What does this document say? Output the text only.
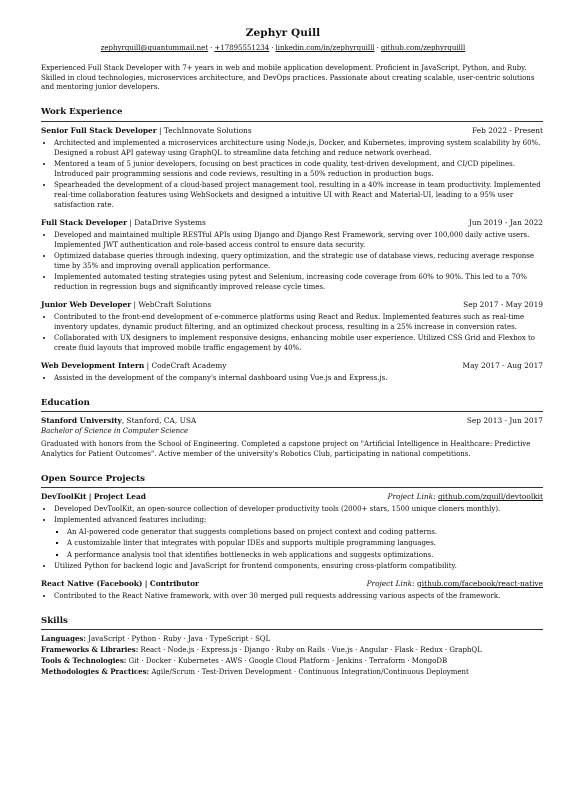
Zephyr Quill
zephyrquill@quantummail.net · +17895551234 · linkedin.com/in/zephyrquilll · github.com/zephyrquilll
Experienced Full Stack Developer with 7+ years in web and mobile application development. Proficient in JavaScript, Python, and Ruby. Skilled in cloud technologies, microservices architecture, and DevOps practices. Passionate about creating scalable, user-centric solutions and mentoring junior developers.
Work Experience
Senior Full Stack Developer | TechInnovate Solutions	Feb 2022 - Present
• Architected and implemented a microservices architecture using Node.js, Docker, and Kubernetes, improving system scalability by 60%. Designed a robust API gateway using GraphQL to streamline data fetching and reduce network overhead.
• Mentored a team of 5 junior developers, focusing on best practices in code quality, test-driven development, and CI/CD pipelines. Introduced pair programming sessions and code reviews, resulting in a 50% reduction in production bugs.
• Spearheaded the development of a cloud-based project management tool, resulting in a 40% increase in team productivity. Implemented real-time collaboration features using WebSockets and designed a intuitive UI with React and Material-UI, leading to a 95% user satisfaction rate.
Full Stack Developer | DataDrive Systems	Jun 2019 - Jan 2022
• Developed and maintained multiple RESTful APIs using Django and Django Rest Framework, serving over 100,000 daily active users. Implemented JWT authentication and role-based access control to ensure data security.
• Optimized database queries through indexing, query optimization, and the strategic use of database views, reducing average response time by 35% and improving overall application performance.
• Implemented automated testing strategies using pytest and Selenium, increasing code coverage from 60% to 90%. This led to a 70% reduction in regression bugs and significantly improved release cycle times.
Junior Web Developer | WebCraft Solutions	Sep 2017 - May 2019
• Contributed to the front-end development of e-commerce platforms using React and Redux. Implemented features such as real-time inventory updates, dynamic product filtering, and an optimized checkout process, resulting in a 25% increase in conversion rates.
• Collaborated with UX designers to implement responsive designs, enhancing mobile user experience. Utilized CSS Grid and Flexbox to create fluid layouts that improved mobile traffic engagement by 40%.
Web Development Intern | CodeCraft Academy	May 2017 - Aug 2017
• Assisted in the development of the company's internal dashboard using Vue.js and Express.js.
Education
Stanford University, Stanford, CA, USA	Sep 2013 - Jun 2017
Bachelor of Science in Computer Science
Graduated with honors from the School of Engineering. Completed a capstone project on "Artificial Intelligence in Healthcare: Predictive Analytics for Patient Outcomes". Active member of the university's Robotics Club, participating in national competitions.
Open Source Projects
DevToolKit | Project Lead	Project Link: github.com/zquill/devtoolkit
• Developed DevToolKit, an open-source collection of developer productivity tools (2000+ stars, 1500 unique cloners monthly).
• Implemented advanced features including:
▪ An AI-powered code generator that suggests completions based on project context and coding patterns.
▪ A customizable linter that integrates with popular IDEs and supports multiple programming languages.
▪ A performance analysis tool that identifies bottlenecks in web applications and suggests optimizations.
• Utilized Python for backend logic and JavaScript for frontend components, ensuring cross-platform compatibility.
React Native (Facebook) | Contributor	Project Link: github.com/facebook/react-native
• Contributed to the React Native framework, with over 30 merged pull requests addressing various aspects of the framework.
Skills
Languages: JavaScript · Python · Ruby · Java · TypeScript · SQL
Frameworks & Libraries: React · Node.js · Express.js · Django · Ruby on Rails · Vue.js · Angular · Flask · Redux · GraphQL
Tools & Technologies: Git · Docker · Kubernetes · AWS · Google Cloud Platform · Jenkins · Terraform · MongoDB
Methodologies & Practices: Agile/Scrum · Test-Driven Development · Continuous Integration/Continuous Deployment
